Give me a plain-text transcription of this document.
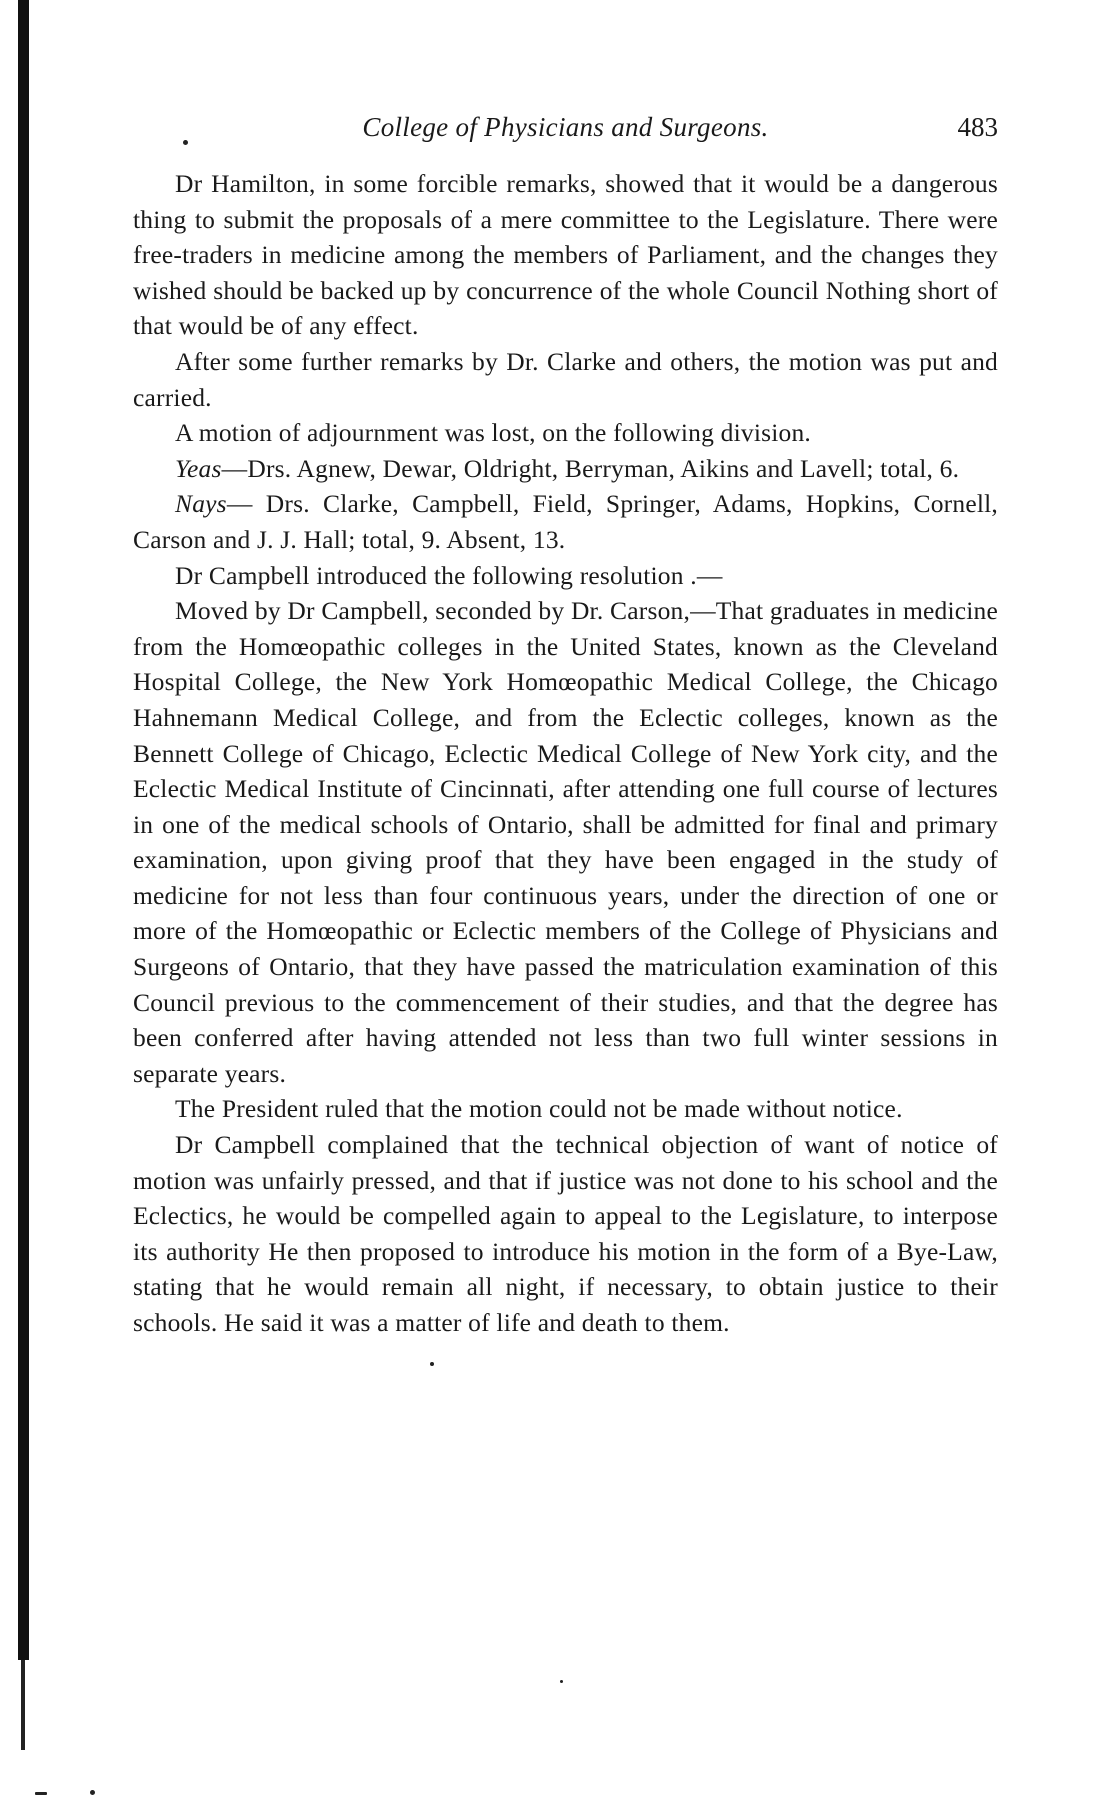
College of Physicians and Surgeons.	483

Dr Hamilton, in some forcible remarks, showed that it would be a dangerous thing to submit the proposals of a mere committee to the Legislature. There were free-traders in medicine among the members of Parliament, and the changes they wished should be backed up by concurrence of the whole Council Nothing short of that would be of any effect.

After some further remarks by Dr. Clarke and others, the motion was put and carried.

A motion of adjournment was lost, on the following division.

Yeas—Drs. Agnew, Dewar, Oldright, Berryman, Aikins and Lavell; total, 6.

Nays— Drs. Clarke, Campbell, Field, Springer, Adams, Hopkins, Cornell, Carson and J. J. Hall; total, 9. Absent, 13.

Dr Campbell introduced the following resolution .—

Moved by Dr Campbell, seconded by Dr. Carson,—That graduates in medicine from the Homœopathic colleges in the United States, known as the Cleveland Hospital College, the New York Homœopathic Medical College, the Chicago Hahnemann Medical College, and from the Eclectic colleges, known as the Bennett College of Chicago, Eclectic Medical College of New York city, and the Eclectic Medical Institute of Cincinnati, after attending one full course of lectures in one of the medical schools of Ontario, shall be admitted for final and primary examination, upon giving proof that they have been engaged in the study of medicine for not less than four continuous years, under the direction of one or more of the Homœopathic or Eclectic members of the College of Physicians and Surgeons of Ontario, that they have passed the matriculation examination of this Council previous to the commencement of their studies, and that the degree has been conferred after having attended not less than two full winter sessions in separate years.

The President ruled that the motion could not be made without notice.

Dr Campbell complained that the technical objection of want of notice of motion was unfairly pressed, and that if justice was not done to his school and the Eclectics, he would be compelled again to appeal to the Legislature, to interpose its authority He then proposed to introduce his motion in the form of a Bye-Law, stating that he would remain all night, if necessary, to obtain justice to their schools. He said it was a matter of life and death to them.
